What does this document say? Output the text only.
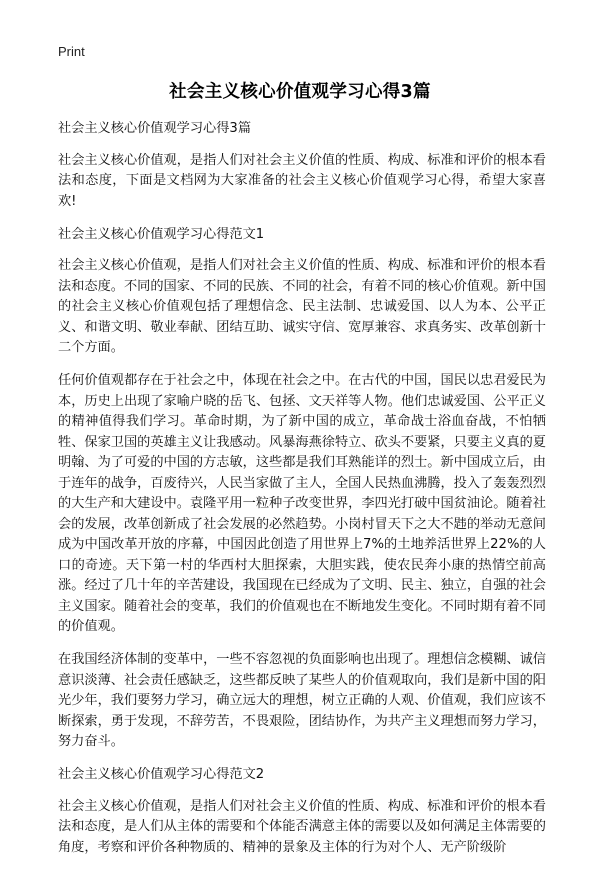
Print
社会主义核心价值观学习心得3篇

社会主义核心价值观学习心得3篇

社会主义核心价值观，是指人们对社会主义价值的性质、构成、标准和评价的根本看法和态度，下面是文档网为大家准备的社会主义核心价值观学习心得，希望大家喜欢!

社会主义核心价值观学习心得范文1

社会主义核心价值观，是指人们对社会主义价值的性质、构成、标准和评价的根本看法和态度。不同的国家、不同的民族、不同的社会，有着不同的核心价值观。新中国的社会主义核心价值观包括了理想信念、民主法制、忠诚爱国、以人为本、公平正义、和谐文明、敬业奉献、团结互助、诚实守信、宽厚兼容、求真务实、改革创新十二个方面。

任何价值观都存在于社会之中，体现在社会之中。在古代的中国，国民以忠君爱民为本，历史上出现了家喻户晓的岳飞、包拯、文天祥等人物。他们忠诚爱国、公平正义的精神值得我们学习。革命时期，为了新中国的成立，革命战士浴血奋战，不怕牺牲、保家卫国的英雄主义让我感动。风暴海燕徐特立、砍头不要紧，只要主义真的夏明翰、为了可爱的中国的方志敏，这些都是我们耳熟能详的烈士。新中国成立后，由于连年的战争，百废待兴，人民当家做了主人，全国人民热血沸腾，投入了轰轰烈烈的大生产和大建设中。袁隆平用一粒种子改变世界，李四光打破中国贫油论。随着社会的发展，改革创新成了社会发展的必然趋势。小岗村冒天下之大不韪的举动无意间成为中国改革开放的序幕，中国因此创造了用世界上7%的土地养活世界上22%的人口的奇迹。天下第一村的华西村大胆探索，大胆实践，使农民奔小康的热情空前高涨。经过了几十年的辛苦建设，我国现在已经成为了文明、民主、独立，自强的社会主义国家。随着社会的变革，我们的价值观也在不断地发生变化。不同时期有着不同的价值观。

在我国经济体制的变革中，一些不容忽视的负面影响也出现了。理想信念模糊、诚信意识淡薄、社会责任感缺乏，这些都反映了某些人的价值观取向，我们是新中国的阳光少年，我们要努力学习，确立远大的理想，树立正确的人观、价值观，我们应该不断探索，勇于发现，不辞劳苦，不畏艰险，团结协作，为共产主义理想而努力学习，努力奋斗。

社会主义核心价值观学习心得范文2

社会主义核心价值观，是指人们对社会主义价值的性质、构成、标准和评价的根本看法和态度，是人们从主体的需要和个体能否满意主体的需要以及如何满足主体需要的角度，考察和评价各种物质的、精神的景象及主体的行为对个人、无产阶级阶
